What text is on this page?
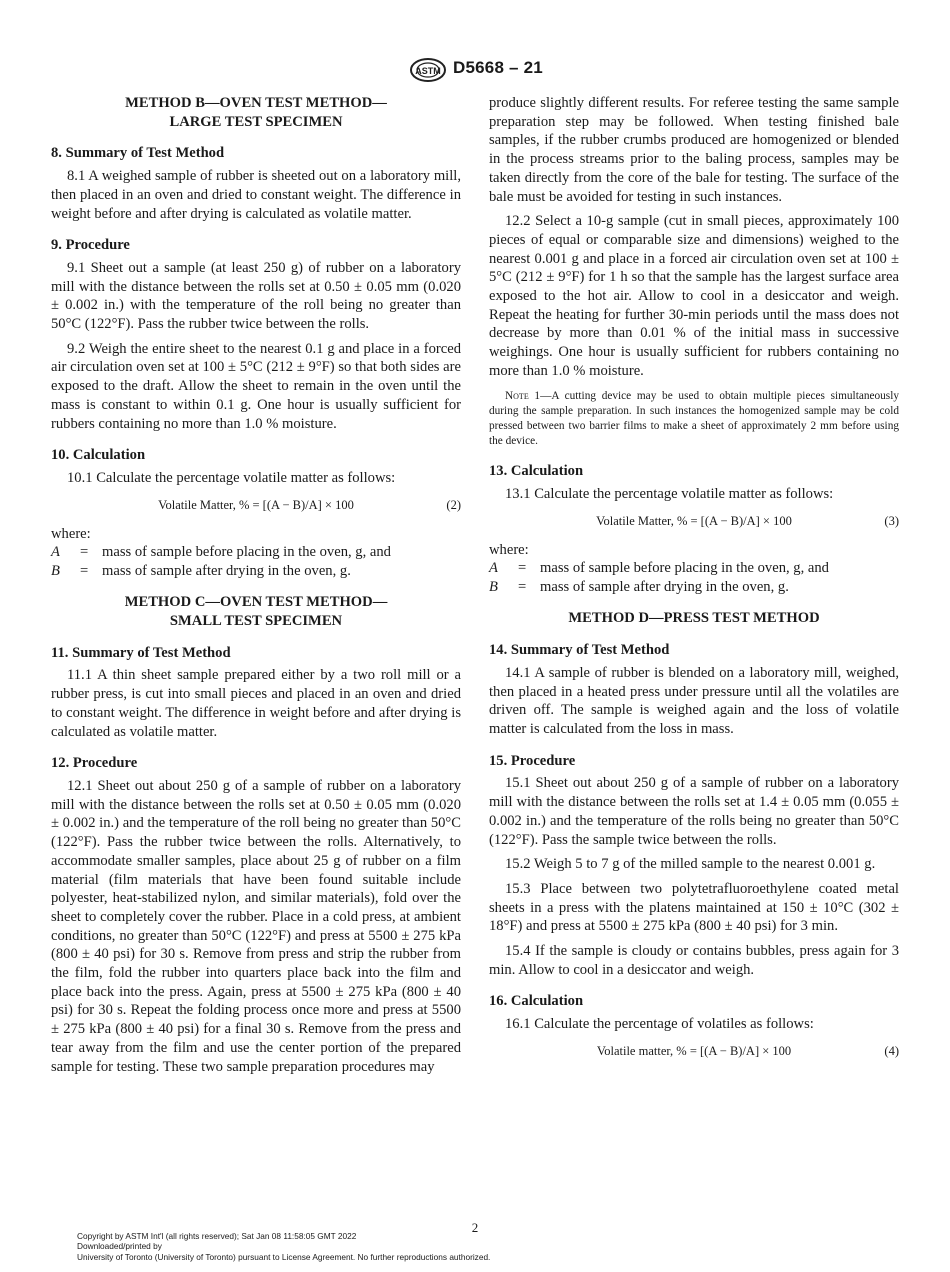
ASTM D5668 – 21
METHOD B—OVEN TEST METHOD—
LARGE TEST SPECIMEN
8. Summary of Test Method

8.1 A weighed sample of rubber is sheeted out on a laboratory mill, then placed in an oven and dried to constant weight. The difference in weight before and after drying is calculated as volatile matter.

9. Procedure

9.1 Sheet out a sample (at least 250 g) of rubber on a laboratory mill with the distance between the rolls set at 0.50 ± 0.05 mm (0.020 ± 0.002 in.) with the temperature of the roll being no greater than 50°C (122°F). Pass the rubber twice between the rolls.

9.2 Weigh the entire sheet to the nearest 0.1 g and place in a forced air circulation oven set at 100 ± 5°C (212 ± 9°F) so that both sides are exposed to the draft. Allow the sheet to remain in the oven until the mass is constant to within 0.1 g. One hour is usually sufficient for rubbers containing no more than 1.0 % moisture.

10. Calculation

10.1 Calculate the percentage volatile matter as follows:

Volatile Matter, % = [(A − B)/A] × 100	(2)
where:
A = mass of sample before placing in the oven, g, and
B = mass of sample after drying in the oven, g.
METHOD C—OVEN TEST METHOD—
SMALL TEST SPECIMEN
11. Summary of Test Method

11.1 A thin sheet sample prepared either by a two roll mill or a rubber press, is cut into small pieces and placed in an oven and dried to constant weight. The difference in weight before and after drying is calculated as volatile matter.

12. Procedure

12.1 Sheet out about 250 g of a sample of rubber on a laboratory mill with the distance between the rolls set at 0.50 ± 0.05 mm (0.020 ± 0.002 in.) and the temperature of the roll being no greater than 50°C (122°F). Pass the rubber twice between the rolls. Alternatively, to accommodate smaller samples, place about 25 g of rubber on a film material (film materials that have been found suitable include polyester, heat-stabilized nylon, and similar materials), fold over the sheet to completely cover the rubber. Place in a cold press, at ambient conditions, no greater than 50°C (122°F) and press at 5500 ± 275 kPa (800 ± 40 psi) for 30 s. Remove from press and strip the rubber from the film, fold the rubber into quarters place back into the film and place back into the press. Again, press at 5500 ± 275 kPa (800 ± 40 psi) for 30 s. Repeat the folding process once more and press at 5500 ± 275 kPa (800 ± 40 psi) for a final 30 s. Remove from the press and tear away from the film and use the center portion of the prepared sample for testing. These two sample preparation procedures may

produce slightly different results. For referee testing the same sample preparation step may be followed. When testing finished bale samples, if the rubber crumbs produced are homogenized or blended in the process streams prior to the baling process, samples may be taken directly from the core of the bale for testing. The surface of the bale must be avoided for testing in such instances.

12.2 Select a 10-g sample (cut in small pieces, approximately 100 pieces of equal or comparable size and dimensions) weighed to the nearest 0.001 g and place in a forced air circulation oven set at 100 ± 5°C (212 ± 9°F) for 1 h so that the sample has the largest surface area exposed to the hot air. Allow to cool in a desiccator and weigh. Repeat the heating for further 30-min periods until the mass does not decrease by more than 0.01 % of the initial mass in successive weighings. One hour is usually sufficient for rubbers containing no more than 1.0 % moisture.

Note 1—A cutting device may be used to obtain multiple pieces simultaneously during the sample preparation. In such instances the homogenized sample may be cold pressed between two barrier films to make a sheet of approximately 2 mm before using the device.
13. Calculation

13.1 Calculate the percentage volatile matter as follows:

Volatile Matter, % = [(A − B)/A] × 100	(3)
where:
A = mass of sample before placing in the oven, g, and
B = mass of sample after drying in the oven, g.
METHOD D—PRESS TEST METHOD
14. Summary of Test Method

14.1 A sample of rubber is blended on a laboratory mill, weighed, then placed in a heated press under pressure until all the volatiles are driven off. The sample is weighed again and the loss of volatile matter is calculated from the loss in mass.

15. Procedure

15.1 Sheet out about 250 g of a sample of rubber on a laboratory mill with the distance between the rolls set at 1.4 ± 0.05 mm (0.055 ± 0.002 in.) and the temperature of the rolls being no greater than 50°C (122°F). Pass the sample twice between the rolls.

15.2 Weigh 5 to 7 g of the milled sample to the nearest 0.001 g.

15.3 Place between two polytetrafluoroethylene coated metal sheets in a press with the platens maintained at 150 ± 10°C (302 ± 18°F) and press at 5500 ± 275 kPa (800 ± 40 psi) for 3 min.

15.4 If the sample is cloudy or contains bubbles, press again for 3 min. Allow to cool in a desiccator and weigh.

16. Calculation

16.1 Calculate the percentage of volatiles as follows:

Volatile matter, % = [(A − B)/A] × 100	(4)
2
Copyright by ASTM Int'l (all rights reserved); Sat Jan 08 11:58:05 GMT 2022
Downloaded/printed by
University of Toronto (University of Toronto) pursuant to License Agreement. No further reproductions authorized.
